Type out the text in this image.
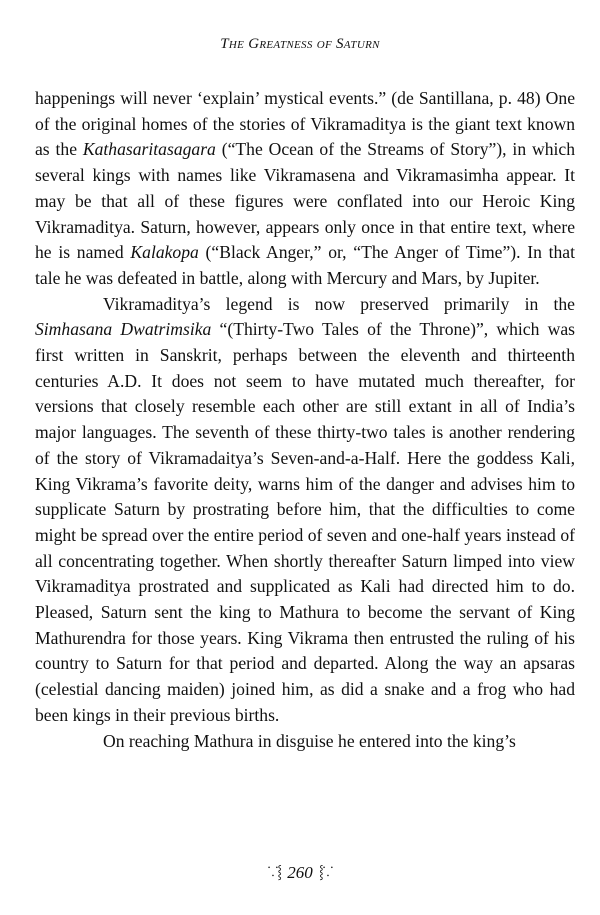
The Greatness of Saturn

happenings will never ‘explain’ mystical events.” (de Santillana, p. 48) One of the original homes of the stories of Vikramaditya is the giant text known as the Kathasaritasagara (“The Ocean of the Streams of Story”), in which several kings with names like Vikramasena and Vikramasimha appear. It may be that all of these figures were conflated into our Heroic King Vikramaditya. Saturn, however, appears only once in that entire text, where he is named Kalakopa (“Black Anger,” or, “The Anger of Time”). In that tale he was defeated in battle, along with Mercury and Mars, by Jupiter.

Vikramaditya’s legend is now preserved primarily in the Simhasana Dwatrimsika “(Thirty-Two Tales of the Throne)”, which was first written in Sanskrit, perhaps between the eleventh and thirteenth centuries A.D. It does not seem to have mutated much thereafter, for versions that closely resemble each other are still extant in all of India’s major languages. The seventh of these thirty-two tales is another rendering of the story of Vikramadaitya’s Seven-and-a-Half. Here the goddess Kali, King Vikrama’s favorite deity, warns him of the danger and advises him to supplicate Saturn by prostrating before him, that the difficulties to come might be spread over the entire period of seven and one-half years instead of all concentrating together. When shortly thereafter Saturn limped into view Vikramaditya prostrated and supplicated as Kali had directed him to do. Pleased, Saturn sent the king to Mathura to become the servant of King Mathurendra for those years. King Vikrama then entrusted the ruling of his country to Saturn for that period and departed. Along the way an apsaras (celestial dancing maiden) joined him, as did a snake and a frog who had been kings in their previous births.

On reaching Mathura in disguise he entered into the king’s

⸪⸾ 260 ⸾⸪
